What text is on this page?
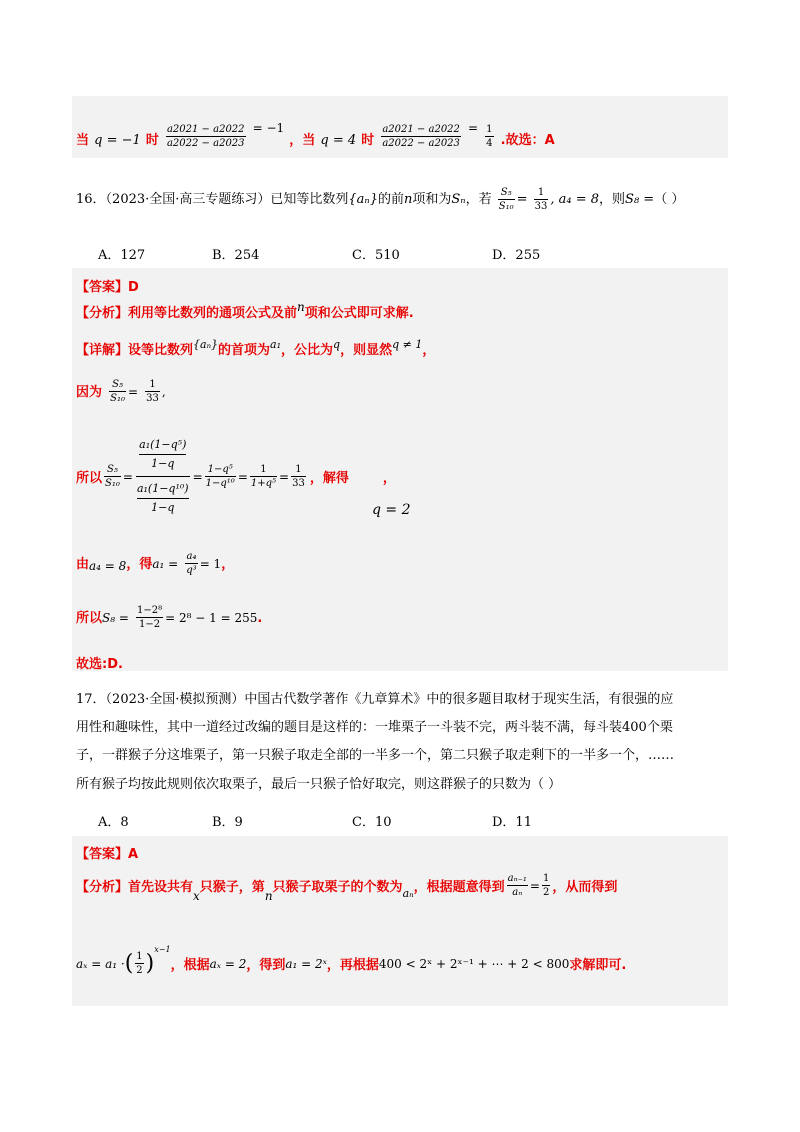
当 q = −1 时 $\frac{a2021 - a2022}{a2022 - a2023} ^{= -1}$ ，当 q = 4 时 $\frac{a2021 - a2022}{a2022 - a2023} ^= \frac{1}{4}$ .故选：A
16．（2023·全国·高三专题练习）已知等比数列{aₙ}的前n项和为Sₙ，若 $\frac{\text{S₅}}{\text{S₁₀}} = \frac{1}{33}$ , a₄ = 8，则S₈ =（ ）
A．127	B．254	C．510	D．255
【答案】D
【分析】利用等比数列的通项公式及前$^n$项和公式即可求解.
【详解】设等比数列$^{\{a_n\}}$的首项为$^{a_1}$，公比为$^q$，则显然$^{q \ne 1}$，
因为 $\frac{\text{S₅}}{\text{S₁₀}} = \frac{1}{33}$ ,
所以 $\frac{\text{S₅}}{\text{S₁₀}} = a_1(1-q^5)$
1−q
a₁(1−q¹⁰)
$1-q = \frac{\text{1−q⁵}}{\text{1−q¹⁰}} = \frac{1}{\text{1+q⁵}} = \frac{1}{33}$ ，解得	，
q = 2
由a₄ = 8，得$a_1 = \frac{\text{a₄}}{\text{q³}} = 1$，
所以$S_8 = \frac{\text{1−2⁸}}{1-2} = 2^8 - 1 = 255$.
故选:D.
17．（2023·全国·模拟预测）中国古代数学著作《九章算术》中的很多题目取材于现实生活，有很强的应
用性和趣味性，其中一道经过改编的题目是这样的：一堆栗子一斗装不完，两斗装不满，每斗装400个栗
子，一群猴子分这堆栗子，第一只猴子取走全部的一半多一个，第二只猴子取走剩下的一半多一个，……
所有猴子均按此规则依次取栗子，最后一只猴子恰好取完，则这群猴子的只数为（ ）
A．8	B．9	C．10	D．11
【答案】A
【分析】首先设共有
x
只猴子，第
n
只猴子取栗子的个数为 aₙ ，根据题意得到 $\frac{\text{aₙ₋₁}}{\text{aₙ}} = \frac{1}{2}$ ，从而得到
aₓ = a₁ · ( $\frac{1}{2}$ )
x−1
，根据 aₓ = 2 ，得到 a₁ = 2ˣ ，再根据 400 < 2ˣ + 2ˣ⁻¹ + ⋯ + 2 < 800 求解即可.
